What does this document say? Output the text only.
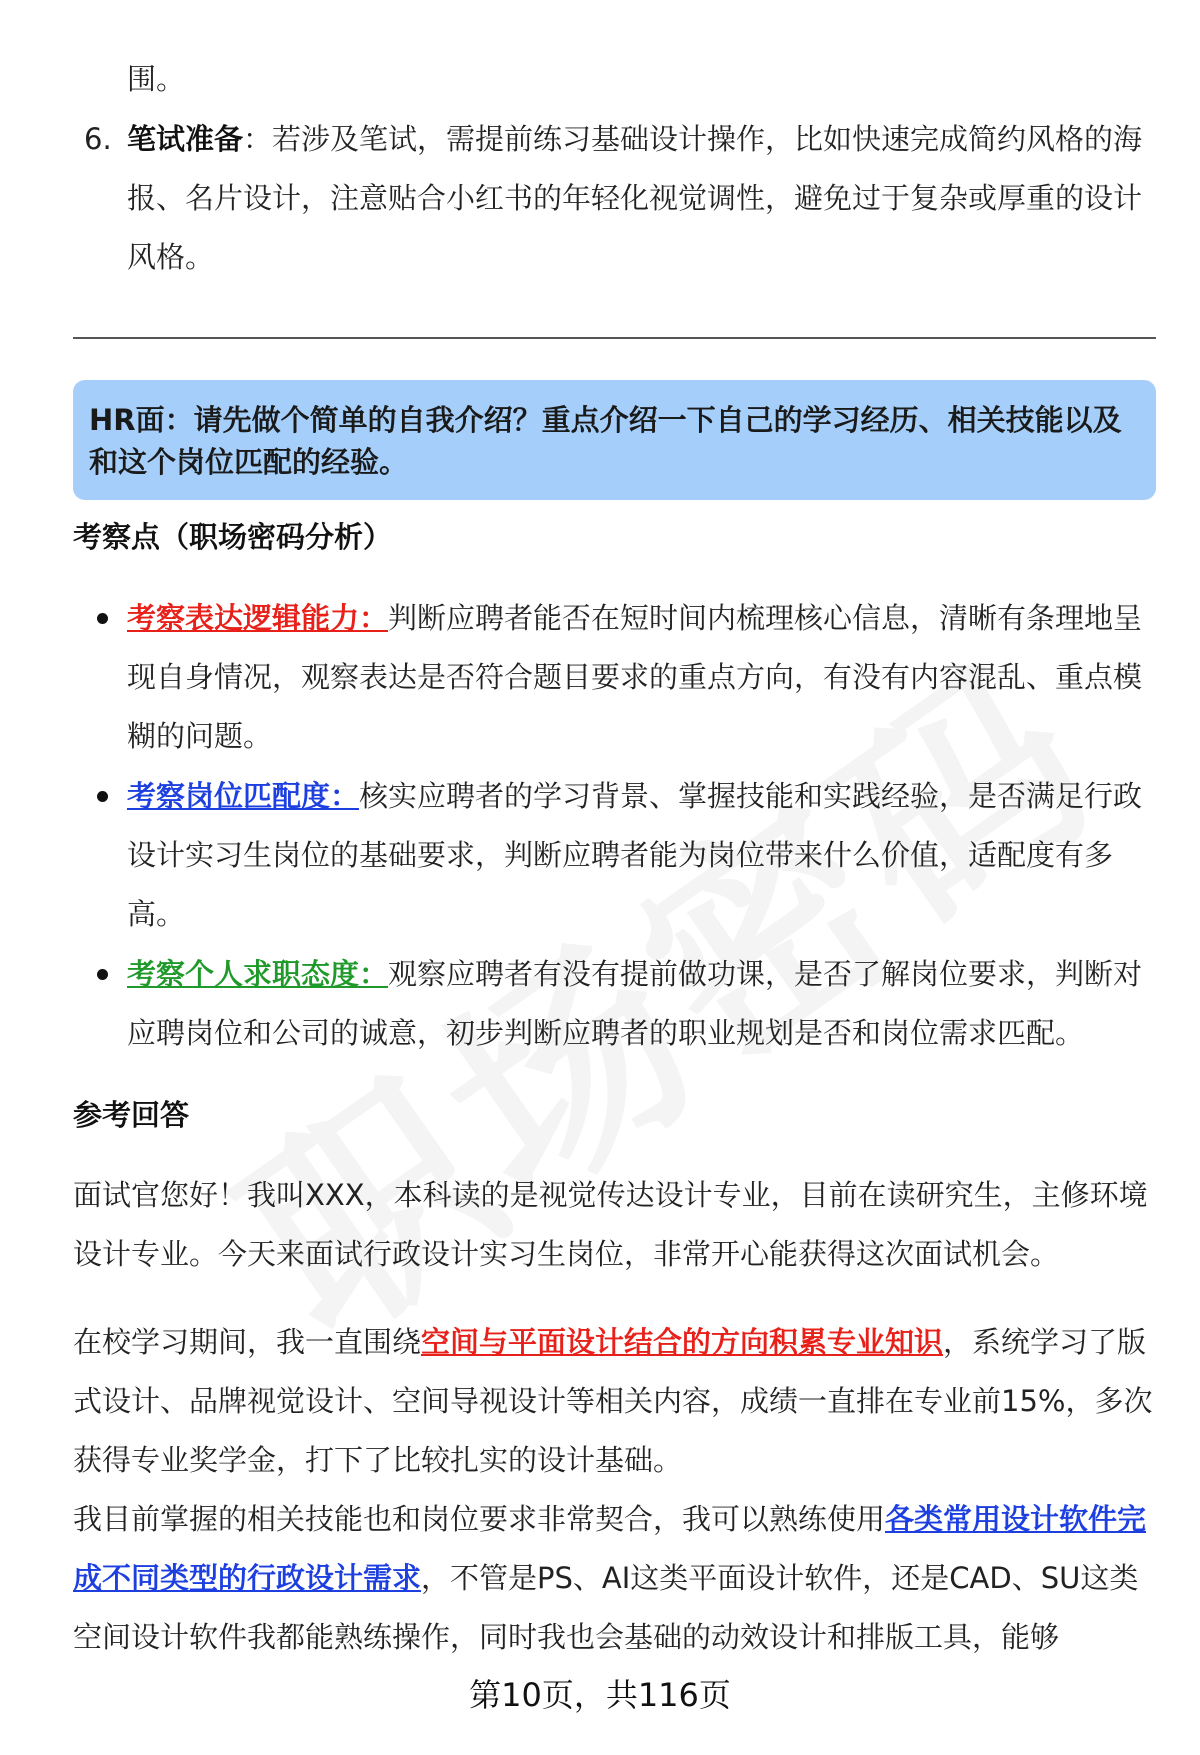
围。

6. 笔试准备：若涉及笔试，需提前练习基础设计操作，比如快速完成简约风格的海报、名片设计，注意贴合小红书的年轻化视觉调性，避免过于复杂或厚重的设计风格。

HR面：请先做个简单的自我介绍？重点介绍一下自己的学习经历、相关技能以及和这个岗位匹配的经验。
考察点（职场密码分析）

考察表达逻辑能力：判断应聘者能否在短时间内梳理核心信息，清晰有条理地呈现自身情况，观察表达是否符合题目要求的重点方向，有没有内容混乱、重点模糊的问题。

考察岗位匹配度：核实应聘者的学习背景、掌握技能和实践经验，是否满足行政设计实习生岗位的基础要求，判断应聘者能为岗位带来什么价值，适配度有多高。

考察个人求职态度：观察应聘者有没有提前做功课，是否了解岗位要求，判断对应聘岗位和公司的诚意，初步判断应聘者的职业规划是否和岗位需求匹配。

参考回答

面试官您好！我叫XXX，本科读的是视觉传达设计专业，目前在读研究生，主修环境设计专业。今天来面试行政设计实习生岗位，非常开心能获得这次面试机会。

在校学习期间，我一直围绕空间与平面设计结合的方向积累专业知识，系统学习了版式设计、品牌视觉设计、空间导视设计等相关内容，成绩一直排在专业前15%，多次获得专业奖学金，打下了比较扎实的设计基础。

我目前掌握的相关技能也和岗位要求非常契合，我可以熟练使用各类常用设计软件完成不同类型的行政设计需求，不管是PS、AI这类平面设计软件，还是CAD、SU这类空间设计软件我都能熟练操作，同时我也会基础的动效设计和排版工具，能够

第10页，共116页
